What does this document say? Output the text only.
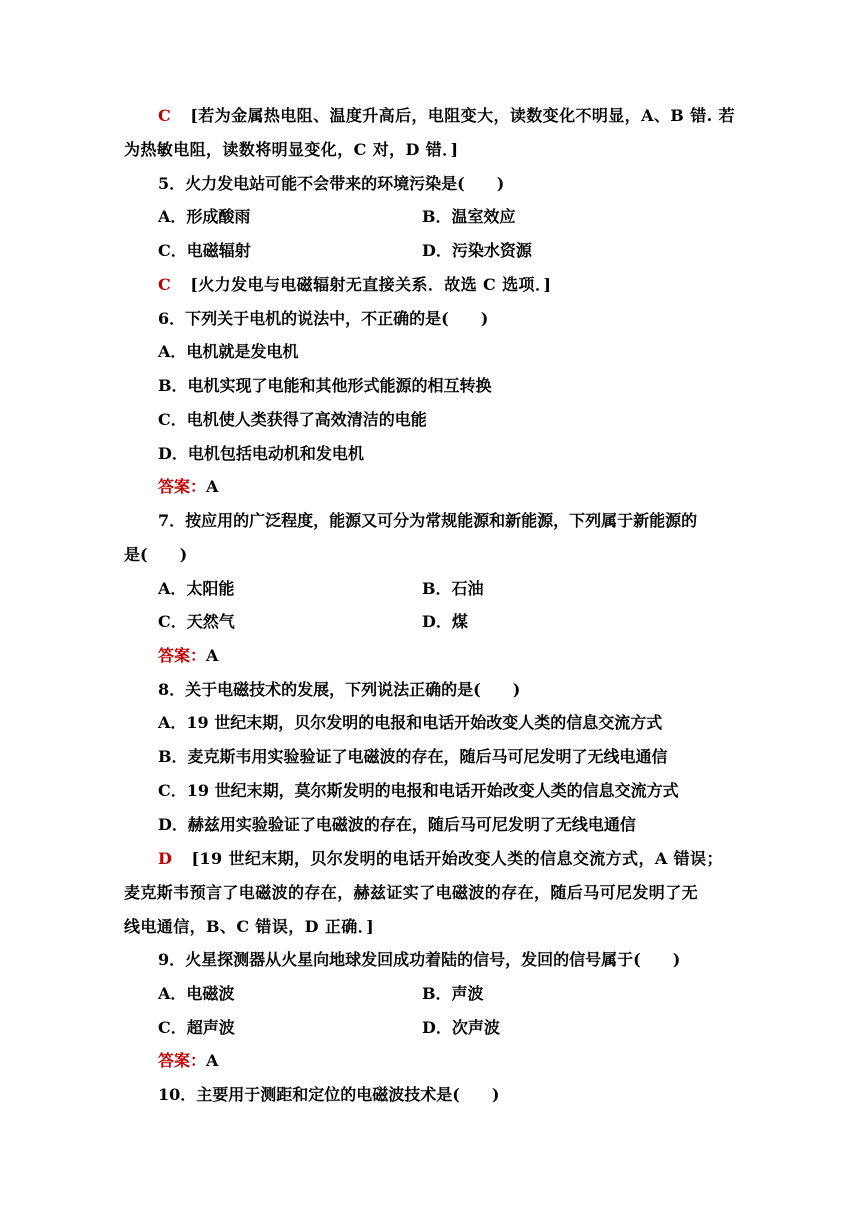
C [若为金属热电阻、温度升高后，电阻变大，读数变化不明显，A、B 错. 若
为热敏电阻，读数将明显变化，C 对，D 错．]
5．火力发电站可能不会带来的环境污染是(　　)
A．形成酸雨	B．温室效应
C．电磁辐射	D．污染水资源
C [火力发电与电磁辐射无直接关系．故选 C 选项．]
6．下列关于电机的说法中，不正确的是(　　)
A．电机就是发电机
B．电机实现了电能和其他形式能源的相互转换
C．电机使人类获得了高效清洁的电能
D．电机包括电动机和发电机
答案：A
7．按应用的广泛程度，能源又可分为常规能源和新能源，下列属于新能源的
是(　　)
A．太阳能	B．石油
C．天然气	D．煤
答案：A
8．关于电磁技术的发展，下列说法正确的是(　　)
A．19 世纪末期，贝尔发明的电报和电话开始改变人类的信息交流方式
B．麦克斯韦用实验验证了电磁波的存在，随后马可尼发明了无线电通信
C．19 世纪末期，莫尔斯发明的电报和电话开始改变人类的信息交流方式
D．赫兹用实验验证了电磁波的存在，随后马可尼发明了无线电通信
D [19 世纪末期，贝尔发明的电话开始改变人类的信息交流方式，A 错误；
麦克斯韦预言了电磁波的存在，赫兹证实了电磁波的存在，随后马可尼发明了无
线电通信，B、C 错误，D 正确．]
9．火星探测器从火星向地球发回成功着陆的信号，发回的信号属于(　　)
A．电磁波	B．声波
C．超声波	D．次声波
答案：A
10．主要用于测距和定位的电磁波技术是(　　)
